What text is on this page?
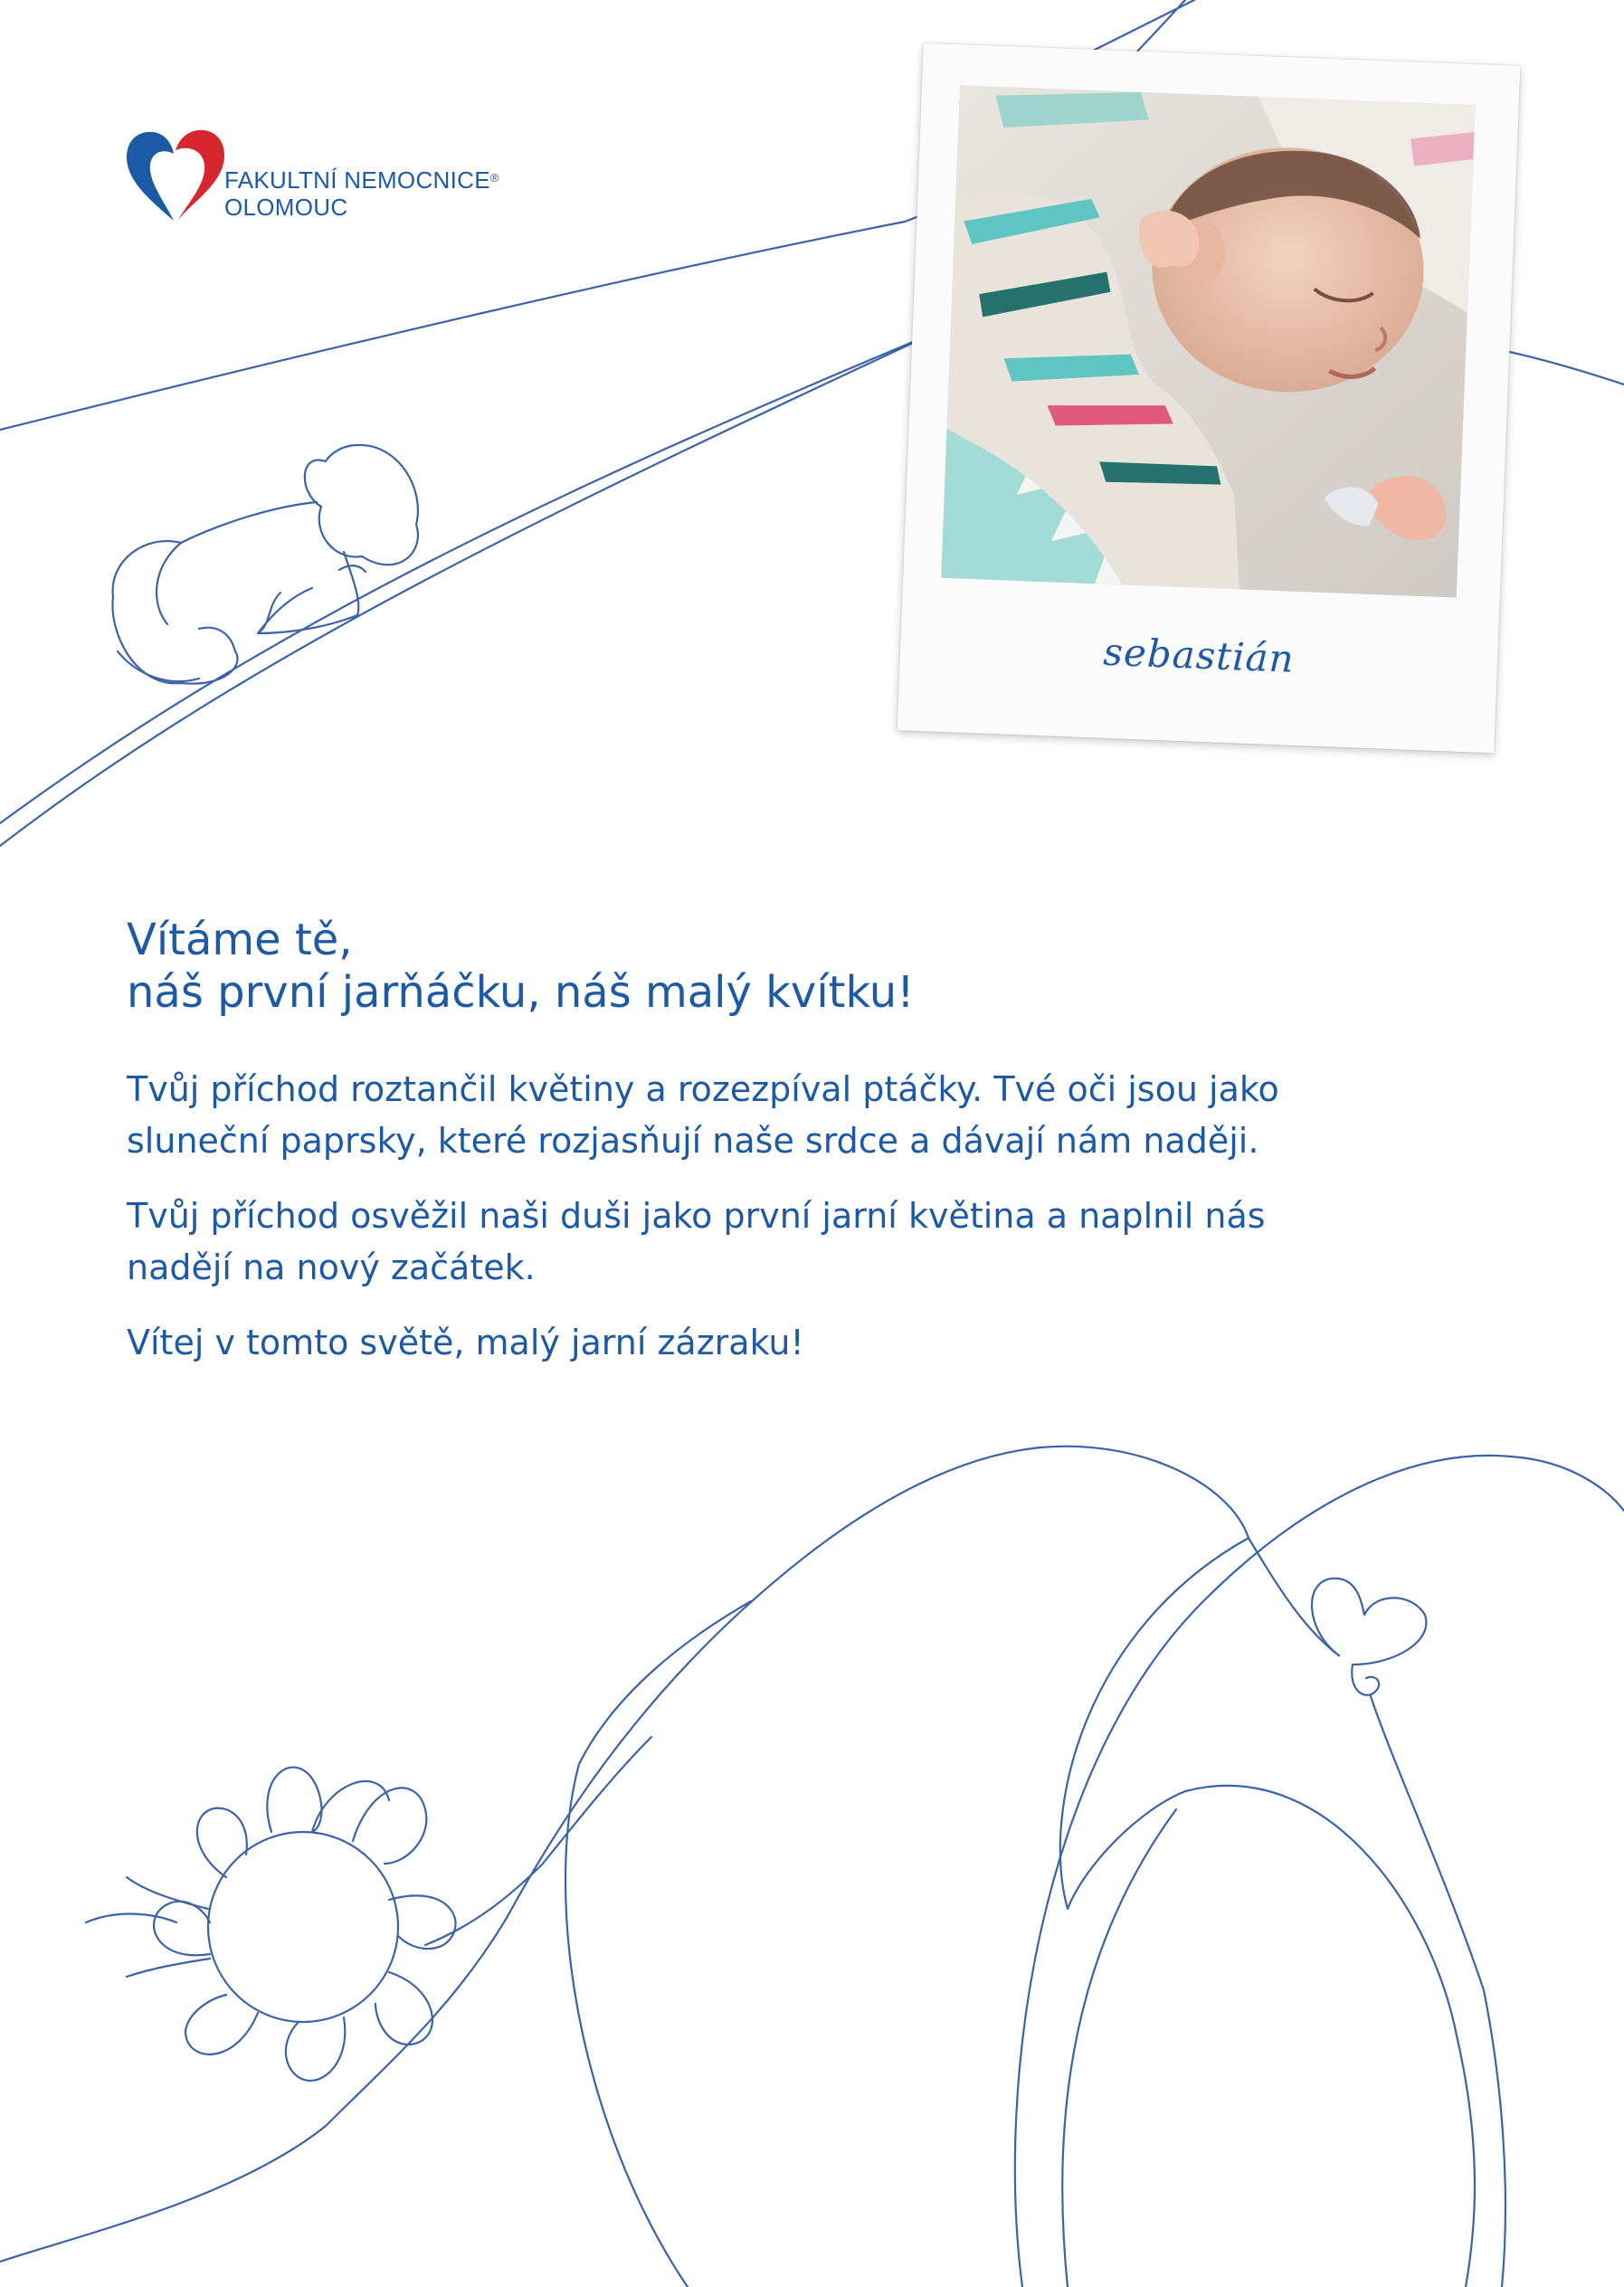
FAKULTNÍ NEMOCNICE®
OLOMOUC
sebastián
Vítáme tě,
náš první jarňáčku, náš malý kvítku!
Tvůj příchod roztančil květiny a rozezpíval ptáčky. Tvé oči jsou jako
sluneční paprsky, které rozjasňují naše srdce a dávají nám naději.
Tvůj příchod osvěžil naši duši jako první jarní květina a naplnil nás
nadějí na nový začátek.
Vítej v tomto světě, malý jarní zázraku!
